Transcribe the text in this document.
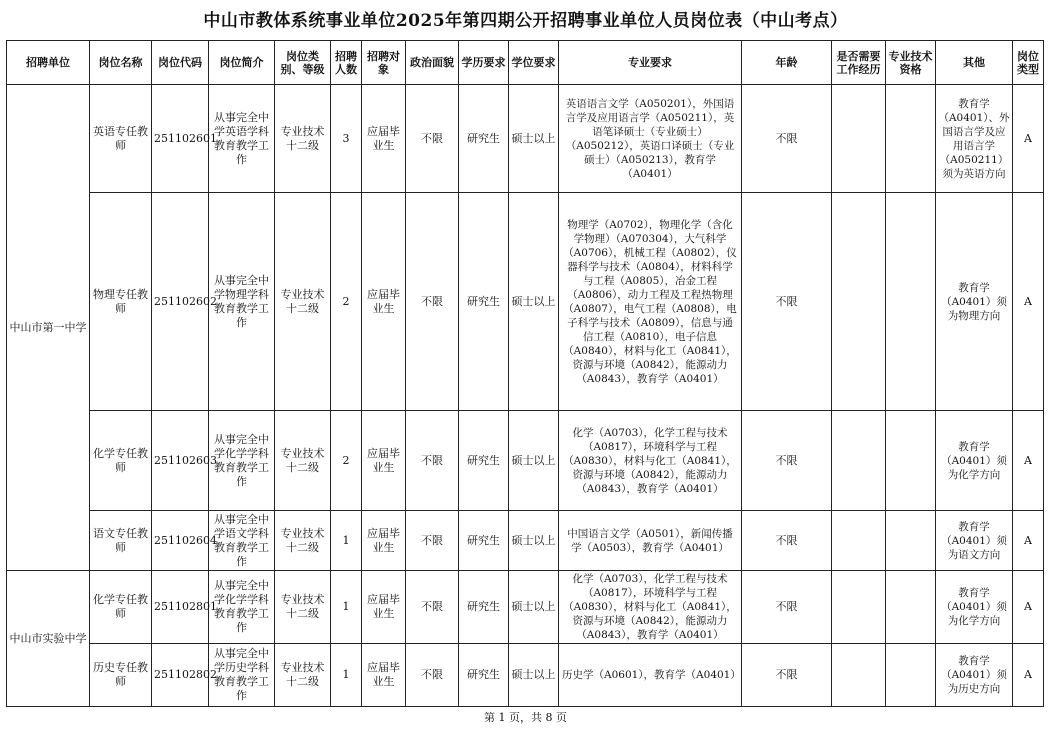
中山市教体系统事业单位2025年第四期公开招聘事业单位人员岗位表（中山考点）
招聘单位	岗位名称	岗位代码	岗位简介	岗位类别、等级	招聘人数	招聘对象	政治面貌	学历要求	学位要求	专业要求	年龄	是否需要工作经历	专业技术资格	其他	岗位类型
中山市第一中学	英语专任教师	251102601	从事完全中学英语学科教育教学工作	专业技术十二级	3	应届毕业生	不限	研究生	硕士以上	英语语言文学（A050201），外国语言学及应用语言学（A050211），英语笔译硕士（专业硕士）（A050212），英语口译硕士（专业硕士）（A050213），教育学（A0401）	不限			教育学（A0401）、外国语言学及应用语言学（A050211）须为英语方向	A
	物理专任教师	251102602	从事完全中学物理学科教育教学工作	专业技术十二级	2	应届毕业生	不限	研究生	硕士以上	物理学（A0702），物理化学（含化学物理）（A070304），大气科学（A0706），机械工程（A0802），仪器科学与技术（A0804），材料科学与工程（A0805），冶金工程（A0806），动力工程及工程热物理（A0807），电气工程（A0808），电子科学与技术（A0809），信息与通信工程（A0810），电子信息（A0840），材料与化工（A0841），资源与环境（A0842），能源动力（A0843），教育学（A0401）	不限			教育学（A0401）须为物理方向	A
	化学专任教师	251102603	从事完全中学化学学科教育教学工作	专业技术十二级	2	应届毕业生	不限	研究生	硕士以上	化学（A0703），化学工程与技术（A0817），环境科学与工程（A0830），材料与化工（A0841），资源与环境（A0842），能源动力（A0843），教育学（A0401）	不限			教育学（A0401）须为化学方向	A
	语文专任教师	251102604	从事完全中学语文学科教育教学工作	专业技术十二级	1	应届毕业生	不限	研究生	硕士以上	中国语言文学（A0501），新闻传播学（A0503），教育学（A0401）	不限			教育学（A0401）须为语文方向	A
中山市实验中学	化学专任教师	251102801	从事完全中学化学学科教育教学工作	专业技术十二级	1	应届毕业生	不限	研究生	硕士以上	化学（A0703），化学工程与技术（A0817），环境科学与工程（A0830），材料与化工（A0841），资源与环境（A0842），能源动力（A0843），教育学（A0401）	不限			教育学（A0401）须为化学方向	A
	历史专任教师	251102802	从事完全中学历史学科教育教学工作	专业技术十二级	1	应届毕业生	不限	研究生	硕士以上	历史学（A0601），教育学（A0401）	不限			教育学（A0401）须为历史方向	A
第 1 页，共 8 页
